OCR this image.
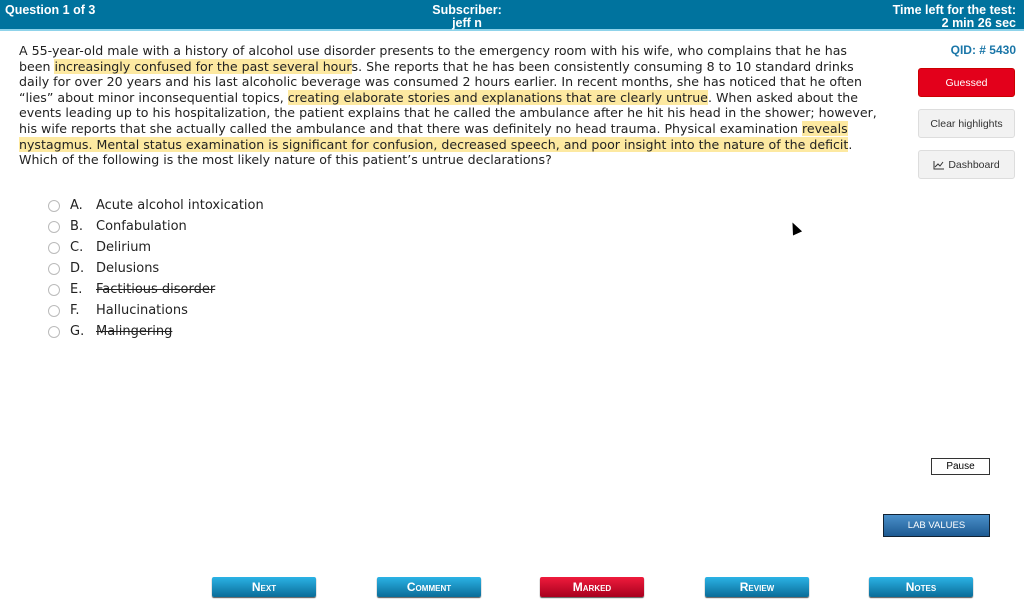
Question 1 of 3	Subscriber:
jeff n
Time left for the test:
2 min 26 sec
A 55-year-old male with a history of alcohol use disorder presents to the emergency room with his wife, who complains that he has been increasingly confused for the past several hours. She reports that he has been consistently consuming 8 to 10 standard drinks daily for over 20 years and his last alcoholic beverage was consumed 2 hours earlier. In recent months, she has noticed that he often “lies” about minor inconsequential topics, creating elaborate stories and explanations that are clearly untrue. When asked about the events leading up to his hospitalization, the patient explains that he called the ambulance after he hit his head in the shower; however, his wife reports that she actually called the ambulance and that there was definitely no head trauma. Physical examination reveals nystagmus. Mental status examination is significant for confusion, decreased speech, and poor insight into the nature of the deficit. Which of the following is the most likely nature of this patient’s untrue declarations?
QID: # 5430
Guessed
Clear highlights
Dashboard
A.	Acute alcohol intoxication
B. Confabulation
C. Delirium
D. Delusions
E.	Factitious disorder
F.	Hallucinations
G. Malingering
Pause
LAB VALUES
Next	Comment	Marked	Review	Notes
